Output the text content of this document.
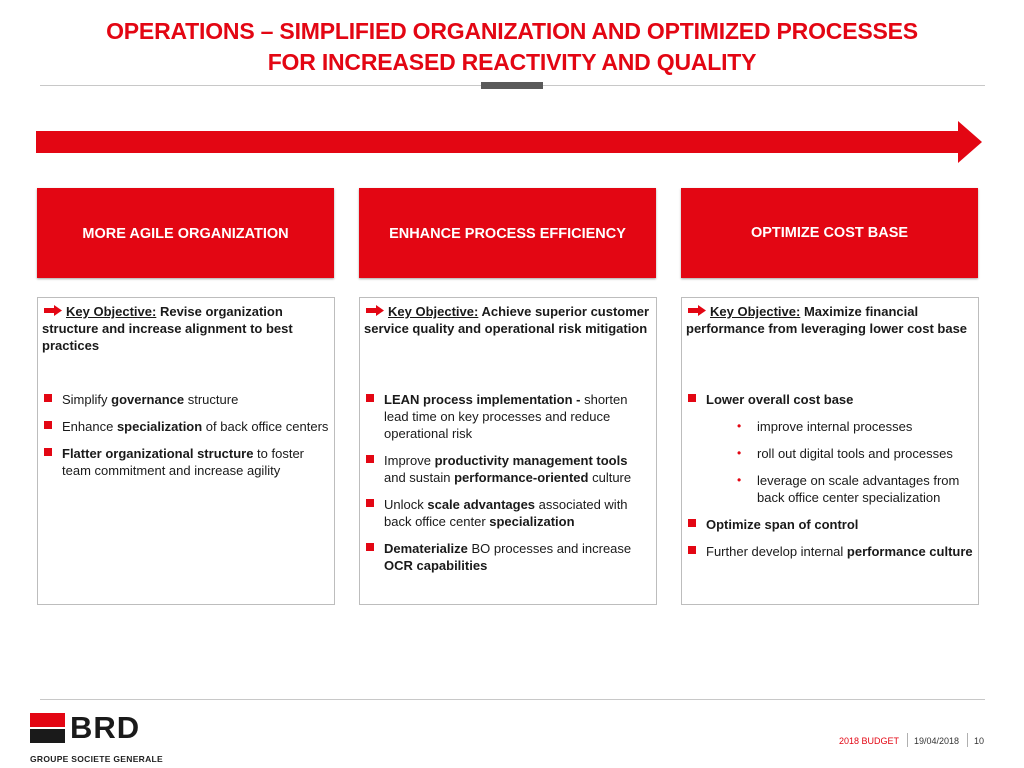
OPERATIONS – SIMPLIFIED ORGANIZATION AND OPTIMIZED PROCESSES
FOR INCREASED REACTIVITY AND QUALITY
MORE AGILE ORGANIZATION	ENHANCE PROCESS EFFICIENCY	OPTIMIZE COST BASE
Key Objective: Revise organization structure and increase alignment to best practices
Simplify governance structure
Enhance specialization of back office centers
Flatter organizational structure to foster team commitment and increase agility
Key Objective: Achieve superior customer service quality and operational risk mitigation
LEAN process implementation - shorten lead time on key processes and reduce operational risk
Improve productivity management tools and sustain performance-oriented culture
Unlock scale advantages associated with back office center specialization
Dematerialize BO processes and increase OCR capabilities
Key Objective: Maximize financial performance from leveraging lower cost base
Lower overall cost base
• improve internal processes
• roll out digital tools and processes
• leverage on scale advantages from back office center specialization
Optimize span of control
Further develop internal performance culture
BRD
GROUPE SOCIETE GENERALE
2018 BUDGET 19/04/2018 10
